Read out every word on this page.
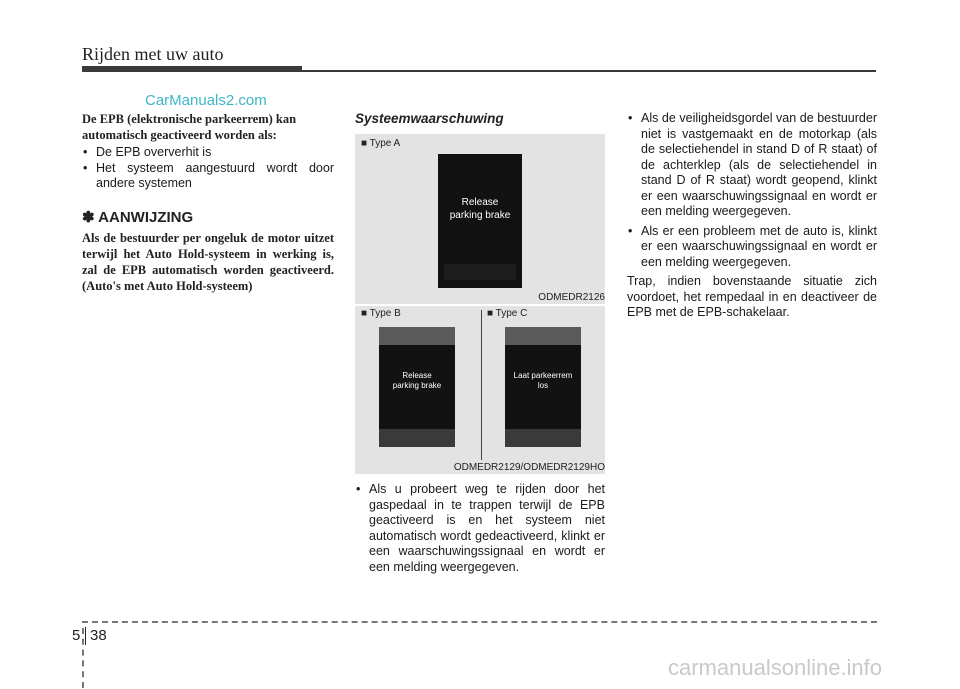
Rijden met uw auto
CarManuals2.com
De EPB (elektronische parkeerrem) kan automatisch geactiveerd worden als:
• De EPB oververhit is
• Het systeem aangestuurd wordt door andere systemen
✽ AANWIJZING
Als de bestuurder per ongeluk de motor uitzet terwijl het Auto Hold-systeem in werking is, zal de EPB automatisch worden geactiveerd. (Auto's met Auto Hold-systeem)
Systeemwaarschuwing
■ Type A
Release
parking brake
ODMEDR2126
■ Type B	■ Type C
Release
parking brake
Laat parkeerrem
los
ODMEDR2129/ODMEDR2129HO
• Als u probeert weg te rijden door het gaspedaal in te trappen terwijl de EPB geactiveerd is en het systeem niet automatisch wordt gedeactiveerd, klinkt er een waarschuwingssignaal en wordt er een melding weergegeven.
• Als de veiligheidsgordel van de bestuurder niet is vastgemaakt en de motorkap (als de selectiehendel in stand D of R staat) of de achterklep (als de selectiehendel in stand D of R staat) wordt geopend, klinkt er een waarschuwingssignaal en wordt er een melding weergegeven.
• Als er een probleem met de auto is, klinkt er een waarschuwingssignaal en wordt er een melding weergegeven.
Trap, indien bovenstaande situatie zich voordoet, het rempedaal in en deactiveer de EPB met de EPB-schakelaar.
5 38
carmanualsonline.info
